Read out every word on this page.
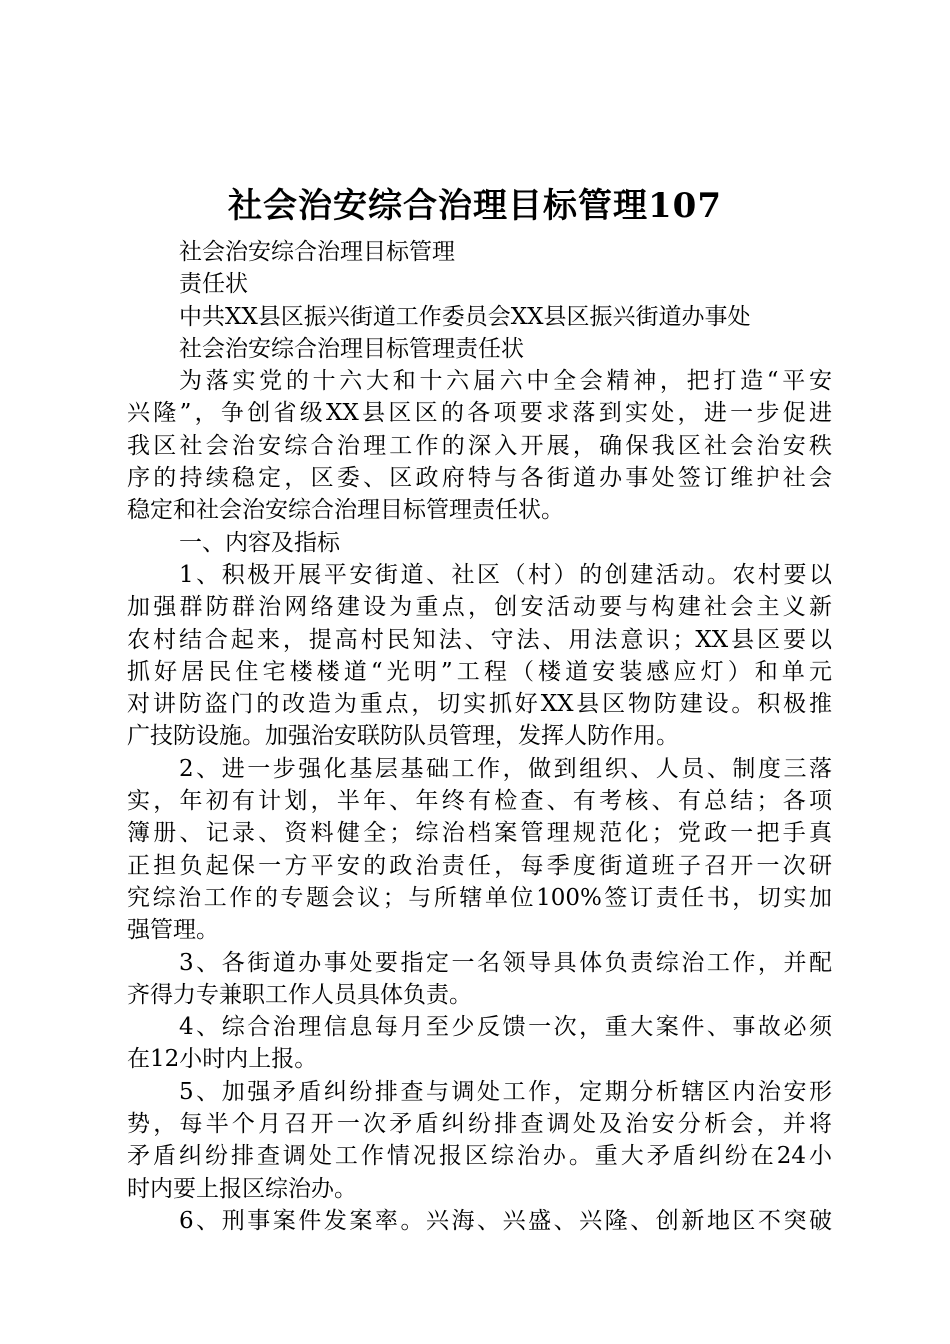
社会治安综合治理目标管理107
社会治安综合治理目标管理
责任状
中共XX县区振兴街道工作委员会XX县区振兴街道办事处
社会治安综合治理目标管理责任状
为落实党的十六大和十六届六中全会精神，把打造“平安
兴隆”，争创省级XX县区区的各项要求落到实处，进一步促进
我区社会治安综合治理工作的深入开展，确保我区社会治安秩
序的持续稳定，区委、区政府特与各街道办事处签订维护社会
稳定和社会治安综合治理目标管理责任状。
一、内容及指标
1、积极开展平安街道、社区（村）的创建活动。农村要以
加强群防群治网络建设为重点，创安活动要与构建社会主义新
农村结合起来，提高村民知法、守法、用法意识；XX县区要以
抓好居民住宅楼楼道“光明”工程（楼道安装感应灯）和单元
对讲防盗门的改造为重点，切实抓好XX县区物防建设。积极推
广技防设施。加强治安联防队员管理，发挥人防作用。
2、进一步强化基层基础工作，做到组织、人员、制度三落
实，年初有计划，半年、年终有检查、有考核、有总结；各项
簿册、记录、资料健全；综治档案管理规范化；党政一把手真
正担负起保一方平安的政治责任，每季度街道班子召开一次研
究综治工作的专题会议；与所辖单位100%签订责任书，切实加
强管理。
3、各街道办事处要指定一名领导具体负责综治工作，并配
齐得力专兼职工作人员具体负责。
4、综合治理信息每月至少反馈一次，重大案件、事故必须
在12小时内上报。
5、加强矛盾纠纷排查与调处工作，定期分析辖区内治安形
势，每半个月召开一次矛盾纠纷排查调处及治安分析会，并将
矛盾纠纷排查调处工作情况报区综治办。重大矛盾纠纷在24小
时内要上报区综治办。
6、刑事案件发案率。兴海、兴盛、兴隆、创新地区不突破
